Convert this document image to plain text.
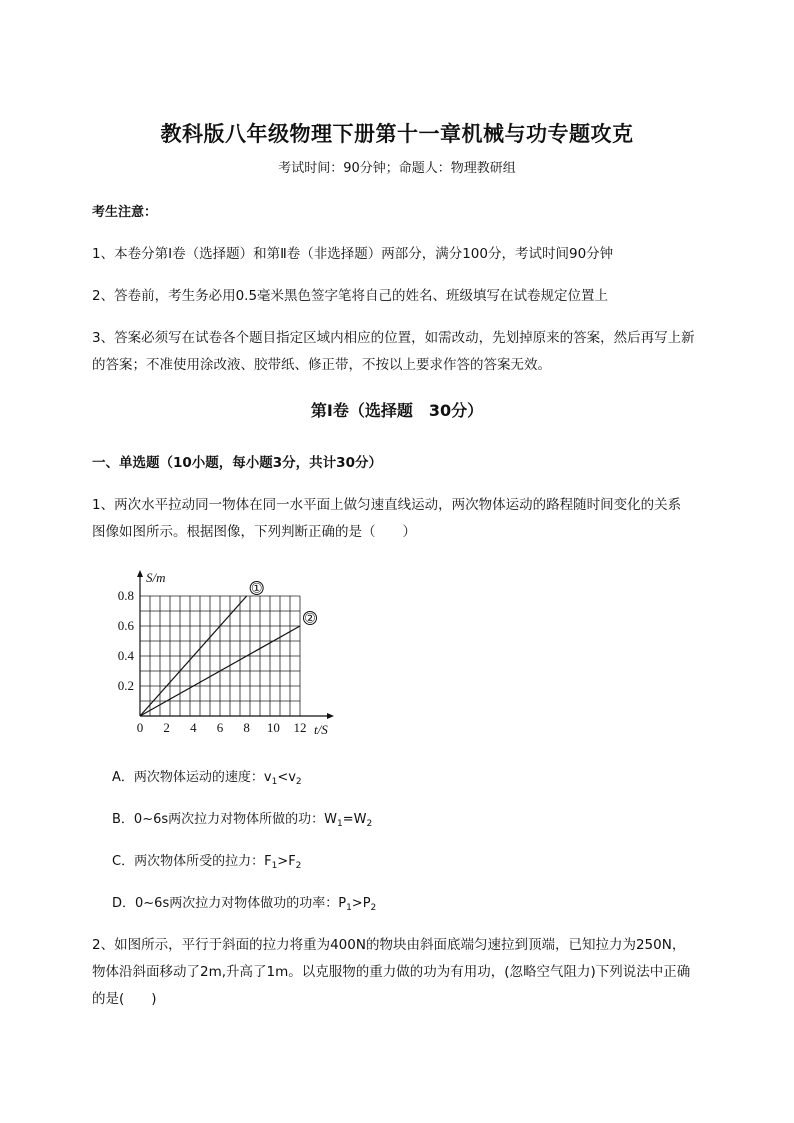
教科版八年级物理下册第十一章机械与功专题攻克
考试时间：90分钟；命题人：物理教研组
考生注意：
1、本卷分第I卷（选择题）和第Ⅱ卷（非选择题）两部分，满分100分，考试时间90分钟
2、答卷前，考生务必用0.5毫米黑色签字笔将自己的姓名、班级填写在试卷规定位置上
3、答案必须写在试卷各个题目指定区域内相应的位置，如需改动，先划掉原来的答案，然后再写上新
的答案；不准使用涂改液、胶带纸、修正带，不按以上要求作答的答案无效。
第I卷（选择题　30分）
一、单选题（10小题，每小题3分，共计30分）
1、两次水平拉动同一物体在同一水平面上做匀速直线运动，两次物体运动的路程随时间变化的关系
图像如图所示。根据图像，下列判断正确的是（　　）
S/m
t/S
①
②
0 2 4 6 8 10 12
0.2
0.4
0.6
0.8
A．两次物体运动的速度：$v_1<v_2$
B．0~6s两次拉力对物体所做的功：$W_1=W_2$
C．两次物体所受的拉力：$F_1>F_2$
D．0~6s两次拉力对物体做功的功率：$P_1>P_2$
2、如图所示，平行于斜面的拉力将重为400N的物块由斜面底端匀速拉到顶端，已知拉力为250N，
物体沿斜面移动了2m,升高了1m。以克服物的重力做的功为有用功，(忽略空气阻力)下列说法中正确
的是(　　)
